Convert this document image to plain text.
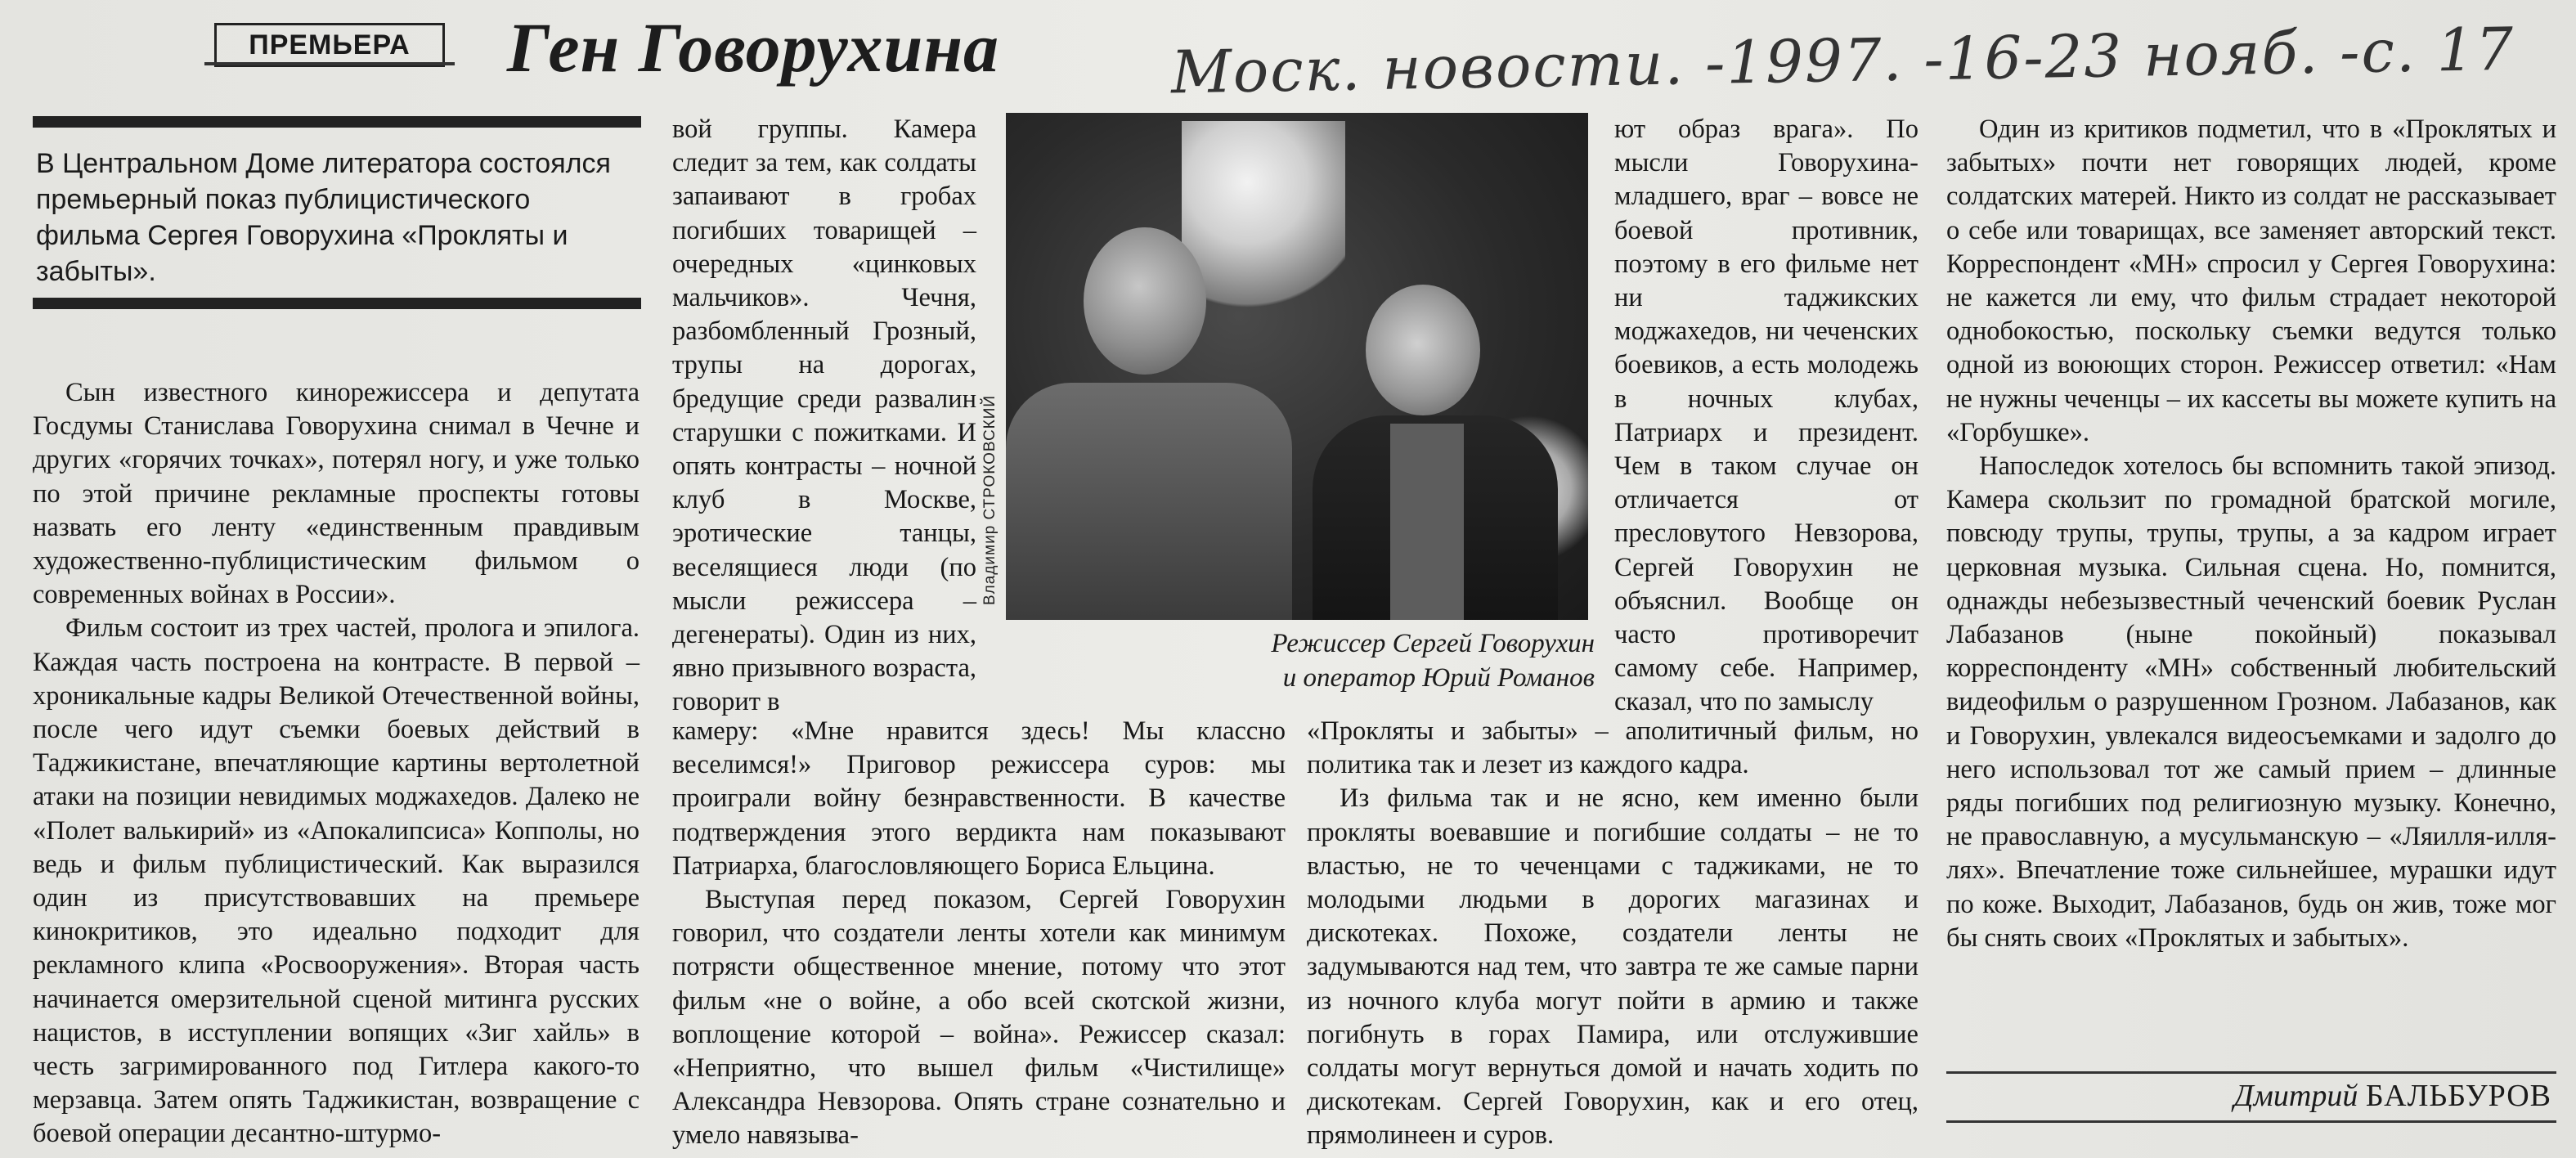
ПРЕМЬЕРА	Ген Говорухина	Моск. новости. -1997. -16-23 нояб. -с. 17

В Центральном Доме литератора состоялся премьерный показ публицистического фильма Сергея Говорухина «Прокляты и забыты».

Сын известного кинорежиссера и депутата Госдумы Станислава Говорухина снимал в Чечне и других «горячих точках», потерял ногу, и уже только по этой причине рекламные проспекты готовы назвать его ленту «единственным правдивым художественно-публицистическим фильмом о современных войнах в России».

Фильм состоит из трех частей, пролога и эпилога. Каждая часть построена на контрасте. В первой – хроникальные кадры Великой Отечественной войны, после чего идут съемки боевых действий в Таджикистане, впечатляющие картины вертолетной атаки на позиции невидимых моджахедов. Далеко не «Полет валькирий» из «Апокалипсиса» Копполы, но ведь и фильм публицистический. Как выразился один из присутствовавших на премьере кинокритиков, это идеально подходит для рекламного клипа «Росвооружения». Вторая часть начинается омерзительной сценой митинга русских нацистов, в исступлении вопящих «Зиг хайль» в честь загримированного под Гитлера какого-то мерзавца. Затем опять Таджикистан, возвращение с боевой операции десантно-штурмо-

вой группы. Камера следит за тем, как солдаты запаивают в гробах погибших товарищей – очередных «цинковых мальчиков». Чечня, разбомбленный Грозный, трупы на дорогах, бредущие среди развалин старушки с пожитками. И опять контрасты – ночной клуб в Москве, эротические танцы, веселящиеся люди (по мысли режиссера – дегенераты). Один из них, явно призывного возраста, говорит в

Владимир СТРОКОВСКИЙ

Режиссер Сергей Говорухин
и оператор Юрий Романов

ют образ врага». По мысли Говорухина-младшего, враг – вовсе не боевой противник, поэтому в его фильме нет ни таджикских моджахедов, ни чеченских боевиков, а есть молодежь в ночных клубах, Патриарх и президент. Чем в таком случае он отличается от пресловутого Невзорова, Сергей Говорухин не объяснил. Вообще он часто противоречит самому себе. Например, сказал, что по замыслу

камеру: «Мне нравится здесь! Мы классно веселимся!» Приговор режиссера суров: мы проиграли войну безнравственности. В качестве подтверждения этого вердикта нам показывают Патриарха, благословляющего Бориса Ельцина.

Выступая перед показом, Сергей Говорухин говорил, что создатели ленты хотели как минимум потрясти общественное мнение, потому что этот фильм «не о войне, а обо всей скотской жизни, воплощение которой – война». Режиссер сказал: «Неприятно, что вышел фильм «Чистилище» Александра Невзорова. Опять стране сознательно и умело навязыва-

«Прокляты и забыты» – аполитичный фильм, но политика так и лезет из каждого кадра.

Из фильма так и не ясно, кем именно были прокляты воевавшие и погибшие солдаты – не то властью, не то чеченцами с таджиками, не то молодыми людьми в дорогих магазинах и дискотеках. Похоже, создатели ленты не задумываются над тем, что завтра те же самые парни из ночного клуба могут пойти в армию и также погибнуть в горах Памира, или отслужившие солдаты могут вернуться домой и начать ходить по дискотекам. Сергей Говорухин, как и его отец, прямолинеен и суров.

Один из критиков подметил, что в «Проклятых и забытых» почти нет говорящих людей, кроме солдатских матерей. Никто из солдат не рассказывает о себе или товарищах, все заменяет авторский текст. Корреспондент «МН» спросил у Сергея Говорухина: не кажется ли ему, что фильм страдает некоторой однобокостью, поскольку съемки ведутся только одной из воюющих сторон. Режиссер ответил: «Нам не нужны чеченцы – их кассеты вы можете купить на «Горбушке».

Напоследок хотелось бы вспомнить такой эпизод. Камера скользит по громадной братской могиле, повсюду трупы, трупы, трупы, а за кадром играет церковная музыка. Сильная сцена. Но, помнится, однажды небезызвестный чеченский боевик Руслан Лабазанов (ныне покойный) показывал корреспонденту «МН» собственный любительский видеофильм о разрушенном Грозном. Лабазанов, как и Говорухин, увлекался видеосъемками и задолго до него использовал тот же самый прием – длинные ряды погибших под религиозную музыку. Конечно, не православную, а мусульманскую – «Ляилля-илля-лях». Впечатление тоже сильнейшее, мурашки идут по коже. Выходит, Лабазанов, будь он жив, тоже мог бы снять своих «Проклятых и забытых».

Дмитрий БАЛЬБУРОВ
